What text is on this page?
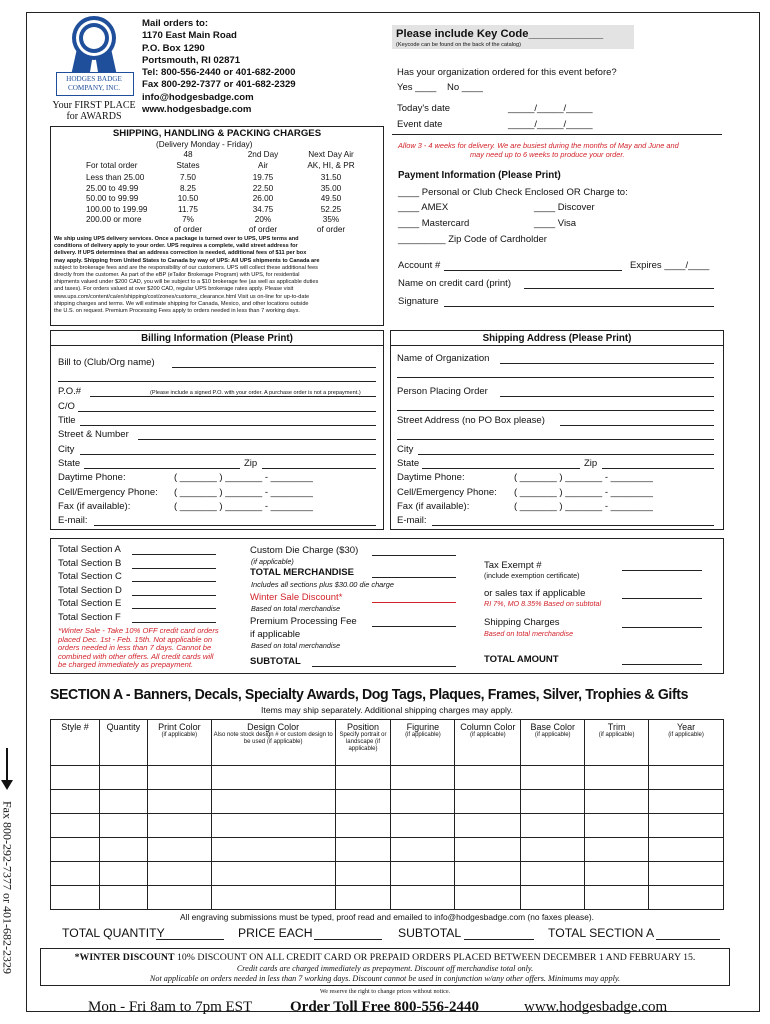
Fax 800-292-7377 or 401-682-2329
HODGES BADGE
COMPANY, INC.
Your FIRST PLACE
for AWARDS
Mail orders to:
1170 East Main Road
P.O. Box 1290
Portsmouth, RI 02871
Tel: 800-556-2440 or 401-682-2000
Fax 800-292-7377 or 401-682-2329
info@hodgesbadge.com
www.hodgesbadge.com
SHIPPING, HANDLING & PACKING CHARGES
(Delivery Monday - Friday)
48	2nd Day	Next Day Air
For total order	States	Air	AK, HI, & PR
Less than 25.00	7.50	19.75	31.50
25.00 to 49.99	8.25	22.50	35.00
50.00 to 99.99	10.50	26.00	49.50
100.00 to 199.99	11.75	34.75	52.25
200.00 or more	7%	20%	35%
of order	of order	of order
We ship using UPS delivery services. Once a package is turned over to UPS, UPS terms and
conditions of delivery apply to your order. UPS requires a complete, valid street address for
delivery. If UPS determines that an address correction is needed, additional fees of $11 per box
may apply. Shipping from United States to Canada by way of UPS: All UPS shipments to Canada are
subject to brokerage fees and are the responsibility of our customers. UPS will collect these additional fees
directly from the customer. As part of the eBP (eTailor Brokerage Program) with UPS, for residential
shipments valued under $200 CAD, you will be subject to a $10 brokerage fee (as well as applicable duties
and taxes). For orders valued at over $200 CAD, regular UPS brokerage rates apply. Please visit
www.ups.com/content/ca/en/shipping/cost/zones/customs_clearance.html Visit us on-line for up-to-date
shipping charges and terms. We will estimate shipping for Canada, Mexico, and other locations outside
the U.S. on request. Premium Processing Fees apply to orders needed in less than 7 working days.
Please include Key Code____________
(Keycode can be found on the back of the catalog)
Has your organization ordered for this event before?
Yes ____ No ____
Today's date	_____/_____/_____
Event date	_____/_____/_____
Allow 3 - 4 weeks for delivery. We are busiest during the months of May and June and
may need up to 6 weeks to produce your order.
Payment Information (Please Print)
____ Personal or Club Check Enclosed OR Charge to:
____ AMEX	____ Discover
____ Mastercard	____ Visa
_________ Zip Code of Cardholder
Account #	Expires ____/____
Name on credit card (print)
Signature
Billing Information (Please Print)	Shipping Address (Please Print)
Bill to (Club/Org name)
P.O.#	(Please include a signed P.O. with your order. A purchase order is not a prepayment.)
C/O
Title
Street & Number
City
State	Zip
Daytime Phone:	( _______ ) _______ - ________
Cell/Emergency Phone: ( _______ ) _______ - ________
Fax (if available):	( _______ ) _______ - ________
E-mail:
Name of Organization
Person Placing Order
Street Address (no PO Box please)
City
State	Zip
Daytime Phone:	( _______ ) _______ - ________
Cell/Emergency Phone: ( _______ ) _______ - ________
Fax (if available):	( _______ ) _______ - ________
E-mail:
Total Section A
Total Section B
Total Section C
Total Section D
Total Section E
Total Section F
*Winter Sale - Take 10% OFF credit card orders
placed Dec. 1st - Feb. 15th. Not applicable on
orders needed in less than 7 days. Cannot be
combined with other offers. All credit cards will
be charged immediately as prepayment.
Custom Die Charge ($30)
(if applicable)
TOTAL MERCHANDISE
Includes all sections plus $30.00 die charge
Winter Sale Discount*
Based on total merchandise
Premium Processing Fee
if applicable
Based on total merchandise
SUBTOTAL
Tax Exempt #
(include exemption certificate)
or sales tax if applicable
RI 7%, MO 8.35% Based on subtotal
Shipping Charges
Based on total merchandise
TOTAL AMOUNT
SECTION A - Banners, Decals, Specialty Awards, Dog Tags, Plaques, Frames, Silver, Trophies & Gifts
Items may ship separately. Additional shipping charges may apply.
Style #	Quantity	Print Color
(if applicable)	Design Color
Also note stock design # or custom design to be used (if applicable)	Position
Specify portrait or landscape (if applicable)	Figurine
(if applicable)	Column Color
(if applicable)	Base Color
(if applicable)	Trim
(if applicable)	Year
(if applicable)

All engraving submissions must be typed, proof read and emailed to info@hodgesbadge.com (no faxes please).
TOTAL QUANTITY	PRICE EACH	SUBTOTAL	TOTAL SECTION A
*WINTER DISCOUNT 10% DISCOUNT ON ALL CREDIT CARD OR PREPAID ORDERS PLACED BETWEEN DECEMBER 1 AND FEBRUARY 15.
Credit cards are charged immediately as prepayment. Discount off merchandise total only.
Not applicable on orders needed in less than 7 working days. Discount cannot be used in conjunction w/any other offers. Minimums may apply.
We reserve the right to change prices without notice.
Mon - Fri 8am to 7pm EST	Order Toll Free 800-556-2440	www.hodgesbadge.com
